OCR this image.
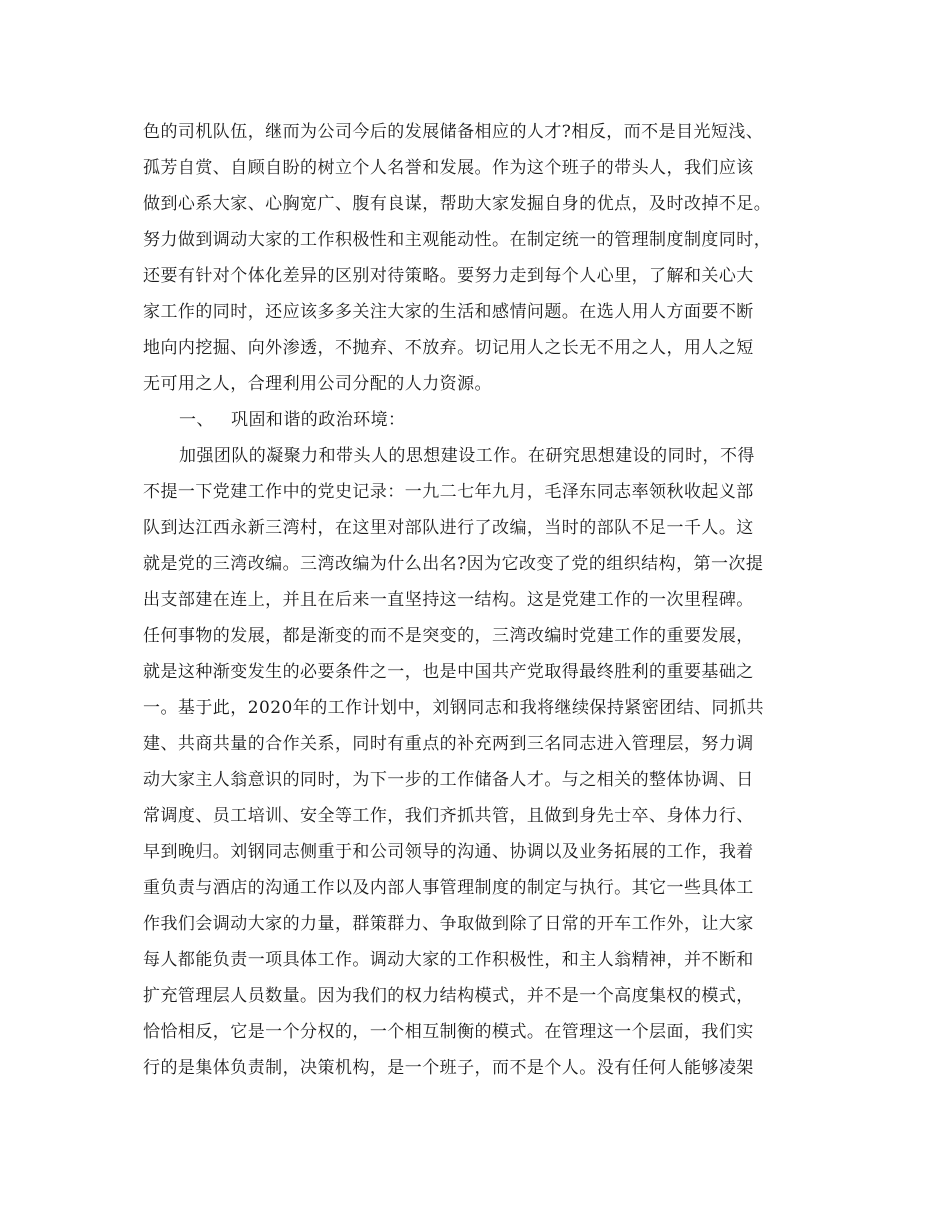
色的司机队伍，继而为公司今后的发展储备相应的人才?相反，而不是目光短浅、
孤芳自赏、自顾自盼的树立个人名誉和发展。作为这个班子的带头人，我们应该
做到心系大家、心胸宽广、腹有良谋，帮助大家发掘自身的优点，及时改掉不足。
努力做到调动大家的工作积极性和主观能动性。在制定统一的管理制度制度同时，
还要有针对个体化差异的区别对待策略。要努力走到每个人心里，了解和关心大
家工作的同时，还应该多多关注大家的生活和感情问题。在选人用人方面要不断
地向内挖掘、向外渗透，不抛弃、不放弃。切记用人之长无不用之人，用人之短
无可用之人，合理利用公司分配的人力资源。
一、 巩固和谐的政治环境：
加强团队的凝聚力和带头人的思想建设工作。在研究思想建设的同时，不得
不提一下党建工作中的党史记录：一九二七年九月，毛泽东同志率领秋收起义部
队到达江西永新三湾村，在这里对部队进行了改编，当时的部队不足一千人。这
就是党的三湾改编。三湾改编为什么出名?因为它改变了党的组织结构，第一次提
出支部建在连上，并且在后来一直坚持这一结构。这是党建工作的一次里程碑。
任何事物的发展，都是渐变的而不是突变的，三湾改编时党建工作的重要发展，
就是这种渐变发生的必要条件之一，也是中国共产党取得最终胜利的重要基础之
一。基于此，2020年的工作计划中，刘钢同志和我将继续保持紧密团结、同抓共
建、共商共量的合作关系，同时有重点的补充两到三名同志进入管理层，努力调
动大家主人翁意识的同时，为下一步的工作储备人才。与之相关的整体协调、日
常调度、员工培训、安全等工作，我们齐抓共管，且做到身先士卒、身体力行、
早到晚归。刘钢同志侧重于和公司领导的沟通、协调以及业务拓展的工作，我着
重负责与酒店的沟通工作以及内部人事管理制度的制定与执行。其它一些具体工
作我们会调动大家的力量，群策群力、争取做到除了日常的开车工作外，让大家
每人都能负责一项具体工作。调动大家的工作积极性，和主人翁精神，并不断和
扩充管理层人员数量。因为我们的权力结构模式，并不是一个高度集权的模式，
恰恰相反，它是一个分权的，一个相互制衡的模式。在管理这一个层面，我们实
行的是集体负责制，决策机构，是一个班子，而不是个人。没有任何人能够凌架
